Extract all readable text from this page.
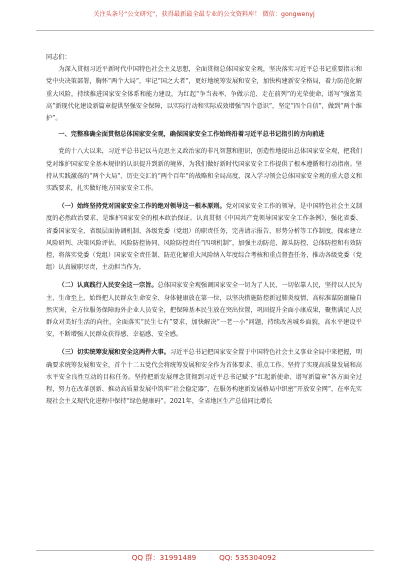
关注头条号“公文研究”，获得最新最全最专业的公文资料库！ 微信：gongwenyj

同志们：

为深入贯彻习近平新时代中国特色社会主义思想，全面贯彻总体国家安全观，坚决落实习近平总书记重要指示和党中央决策部署，胸怀“两个大局”，牢记“国之大者”，更好地统筹发展和安全，加快构建新安全格局，着力防范化解重大风险，持续推进国家安全体系和能力建设，为红起“争当表率、争做示范、走在前列”的光荣使命，谱写“强富美高”新现代化建设新篇章提供坚强安全保障，以实际行动和实际成效增强“四个意识”，坚定“四个自信”，做到“两个维护”。

一、完整准确全面贯彻总体国家安全观，确保国家安全工作始终沿着习近平总书记指引的方向前进

党的十八大以来，习近平总书记以马克思主义政治家的非凡智慧和胆识，创造性地提出总体国家安全观，把我们党对维护国家安全基本规律的认识提升到新的境界，为我们做好新时代国家安全工作提供了根本遵循和行动指南。坚持从实践激荡的“两个大局”、历史交汇的“两个百年”的战略和全局高度，深入学习领会总体国家安全观的重大意义和实践要求，扎实做好地方国家安全工作。

（一）始终坚持党对国家安全工作的绝对领导这一根本原则。党对国家安全工作的领导，是中国特色社会主义制度的必然政治要求，是维护国家安全的根本政治保证。认真贯彻《中国共产党领导国家安全工作条例》，强化省委、省委国家安全、省级层面协调机制、各级党委（党组）的职责任务，完善请示报告、形势分析等工作制度，探索建立风险研判、决策风险评估、风险防控协同、风险防控责任“四项机制”，加强主动防范、源头防控、总体防控和有效防控，将落实党委（党组）国家安全责任制、防范化解重大风险纳入年度综合考核和重点督查任务，推动各级党委（党组）认真履职尽责，主动担当作为。

（二）认真践行人民安全这一宗旨。总体国家安全观强调国家安全一切为了人民、一切依靠人民，坚持以人民为主、生命至上，始终把人民群众生命安全、身体健康放在第一位，以坚决措施防控新冠肺炎疫情，高标准谋防溺输自然灾害，全方位服务保障海外企业人员安全，把保障基本民生放在突出位置，巩固提升全面小康成果，聚焦满足人民群众对美好生活的向往，全面落实“民生七有”要求，加快解决“一老一小”问题，持续改善城乡面貌，高水平建设平安，不断增强人民群众获得感、幸福感、安全感。

（三）切实统筹发展和安全这两件大事。习近平总书记把国家安全置于中国特色社会主义事业全局中来把握，明确要求统筹发展和安全，首个十二五党代会将统筹发展和安全作为首体要求、重点工作。坚持了实现高质量发展和高水平安全良性互动的目标任务。坚持把新发展理念贯彻到习近平总书记赋予“红起新使命、谱写新篇章”各方面全过程，努力在改革创新、推动高质量发展中筑牢“社会稳定器”，在服务构建新发展格局中织密“开放安全网”，在率先实现社会主义现代化进程中保持“绿色健康码”。2021年，全省地区生产总值同比增长

QQ 群：31991489	QQ: 535304092
